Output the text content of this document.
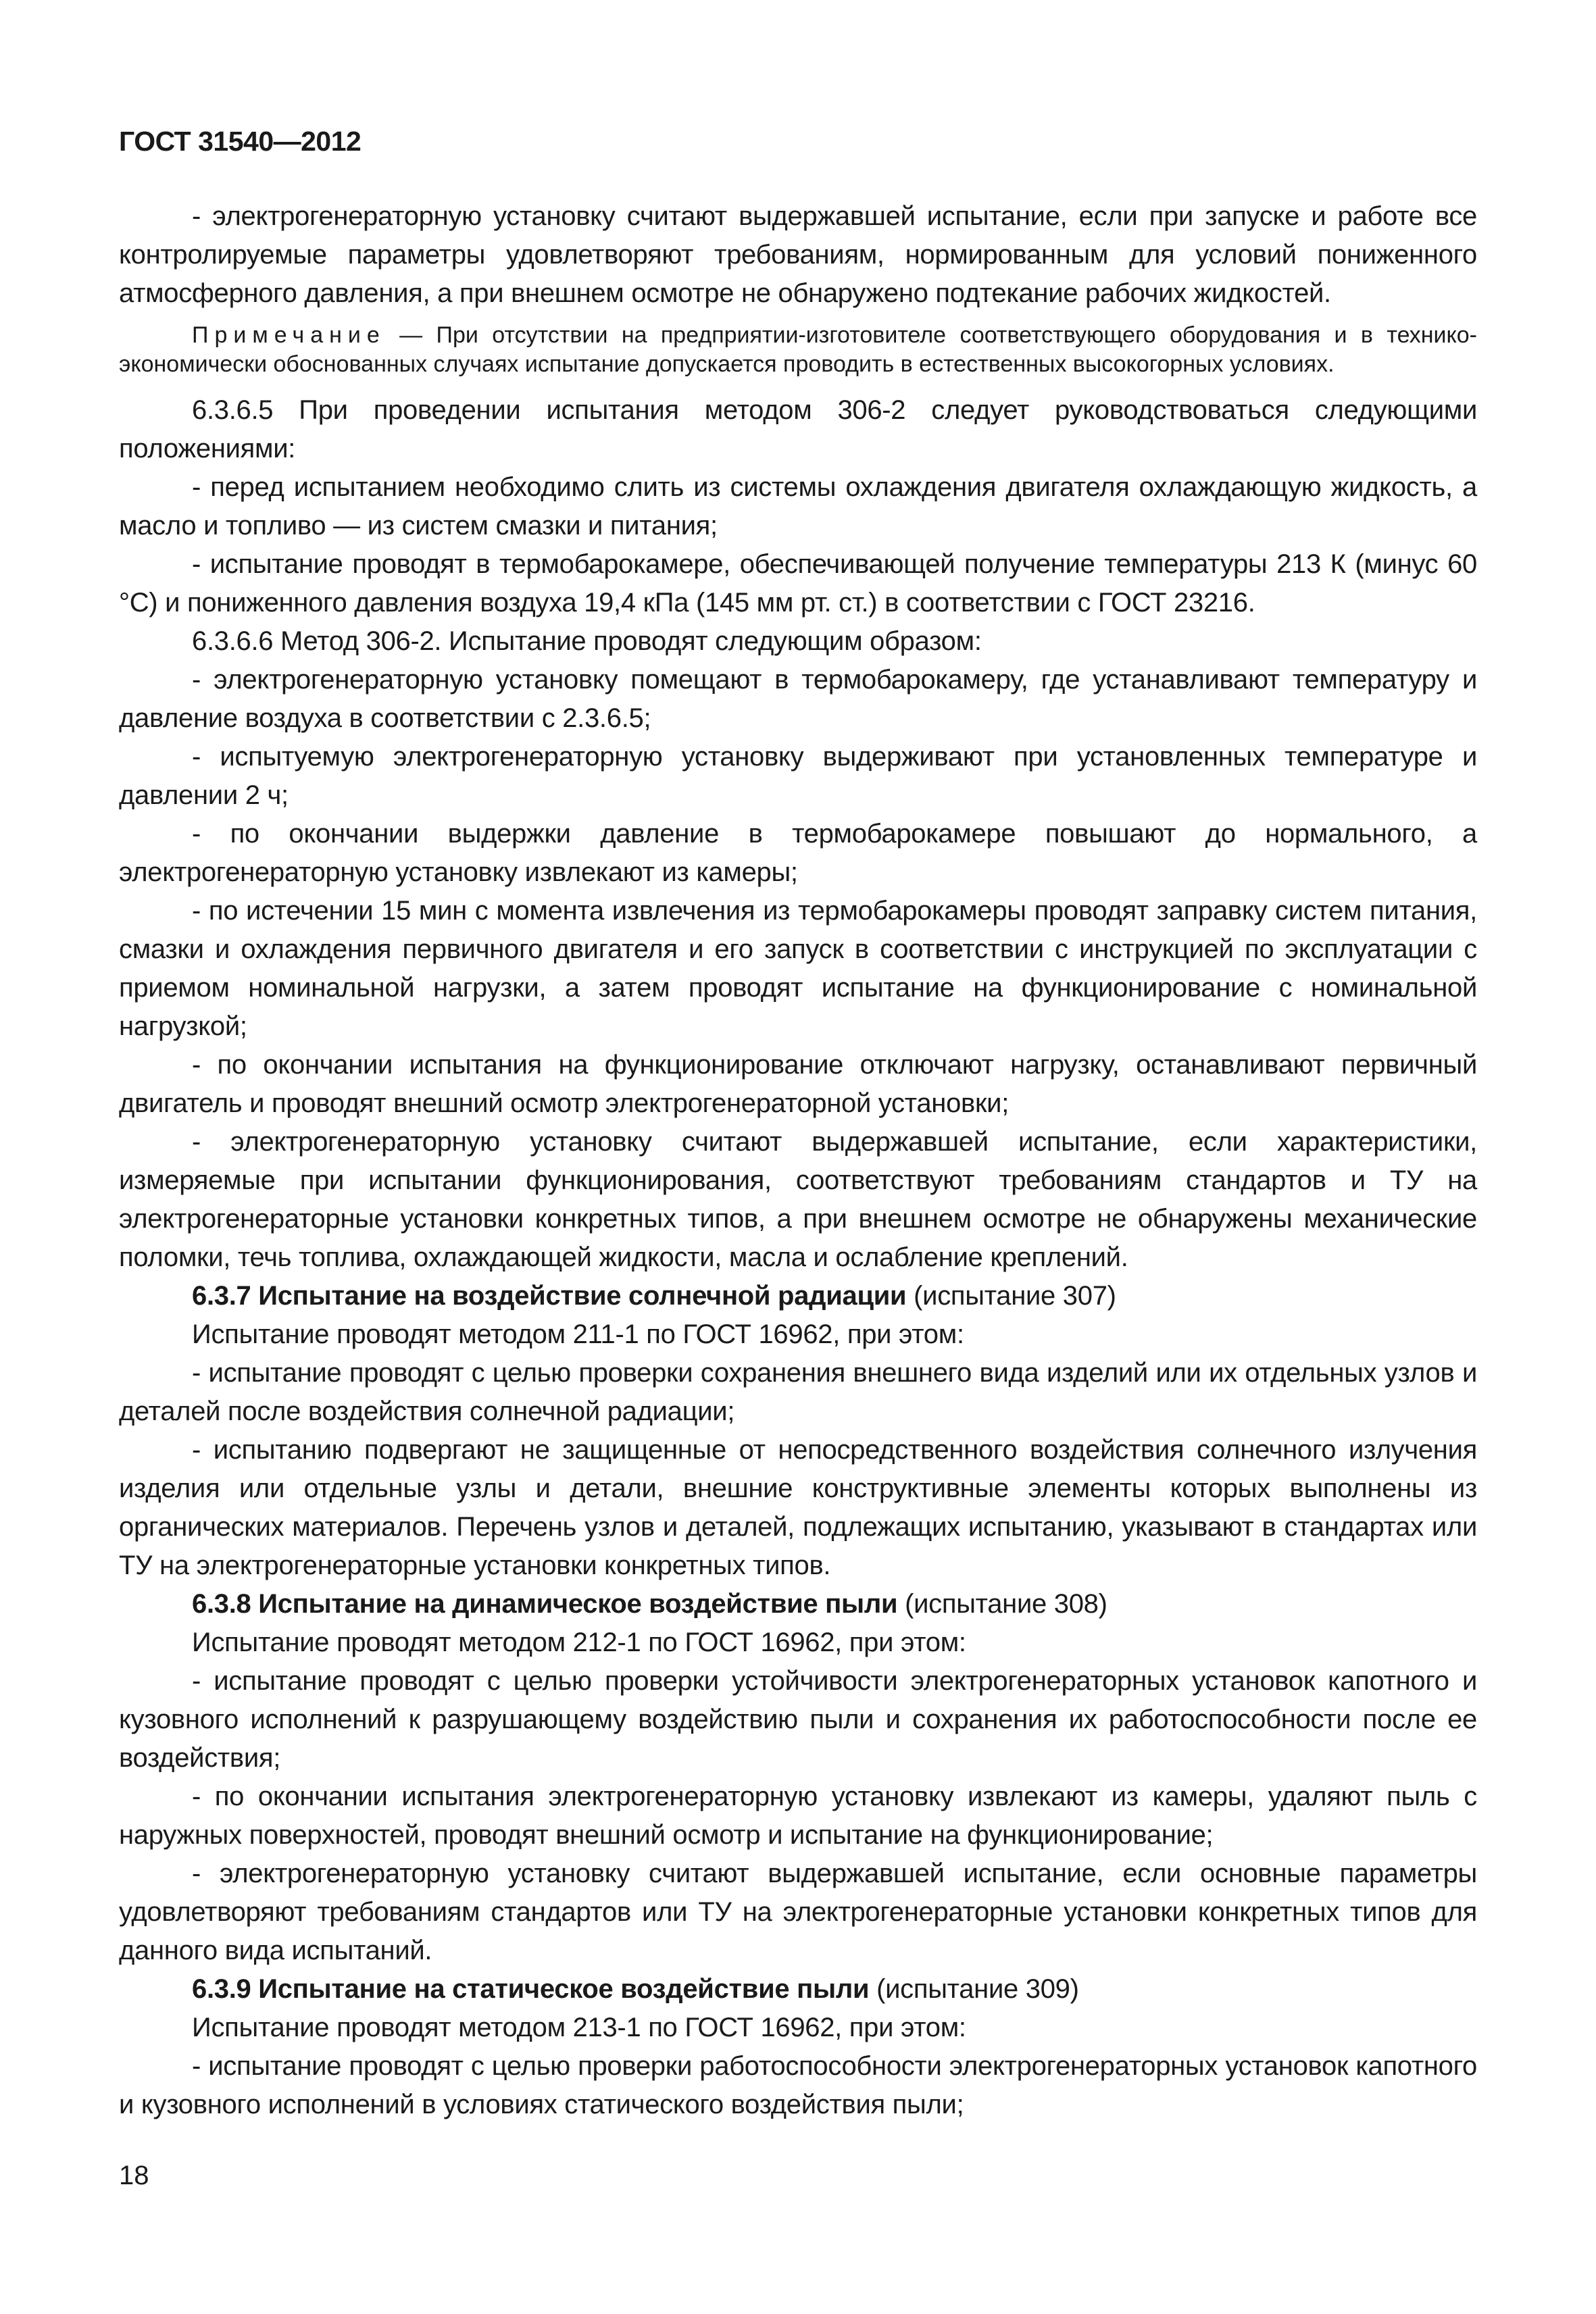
ГОСТ 31540—2012

- электрогенераторную установку считают выдержавшей испытание, если при запуске и работе все контролируемые параметры удовлетворяют требованиям, нормированным для условий пониженного атмосферного давления, а при внешнем осмотре не обнаружено подтекание рабочих жидкостей.

Примечание — При отсутствии на предприятии-изготовителе соответствующего оборудования и в технико-экономически обоснованных случаях испытание допускается проводить в естественных высокогорных условиях.

6.3.6.5 При проведении испытания методом 306-2 следует руководствоваться следующими положениями:

- перед испытанием необходимо слить из системы охлаждения двигателя охлаждающую жидкость, а масло и топливо — из систем смазки и питания;

- испытание проводят в термобарокамере, обеспечивающей получение температуры 213 К (минус 60 °С) и пониженного давления воздуха 19,4 кПа (145 мм рт. ст.) в соответствии с ГОСТ 23216.

6.3.6.6 Метод 306-2. Испытание проводят следующим образом:

- электрогенераторную установку помещают в термобарокамеру, где устанавливают температуру и давление воздуха в соответствии с 2.3.6.5;

- испытуемую электрогенераторную установку выдерживают при установленных температуре и давлении 2 ч;

- по окончании выдержки давление в термобарокамере повышают до нормального, а электрогенераторную установку извлекают из камеры;

- по истечении 15 мин с момента извлечения из термобарокамеры проводят заправку систем питания, смазки и охлаждения первичного двигателя и его запуск в соответствии с инструкцией по эксплуатации с приемом номинальной нагрузки, а затем проводят испытание на функционирование с номинальной нагрузкой;

- по окончании испытания на функционирование отключают нагрузку, останавливают первичный двигатель и проводят внешний осмотр электрогенераторной установки;

- электрогенераторную установку считают выдержавшей испытание, если характеристики, измеряемые при испытании функционирования, соответствуют требованиям стандартов и ТУ на электрогенераторные установки конкретных типов, а при внешнем осмотре не обнаружены механические поломки, течь топлива, охлаждающей жидкости, масла и ослабление креплений.

6.3.7 Испытание на воздействие солнечной радиации (испытание 307)

Испытание проводят методом 211-1 по ГОСТ 16962, при этом:

- испытание проводят с целью проверки сохранения внешнего вида изделий или их отдельных узлов и деталей после воздействия солнечной радиации;

- испытанию подвергают не защищенные от непосредственного воздействия солнечного излучения изделия или отдельные узлы и детали, внешние конструктивные элементы которых выполнены из органических материалов. Перечень узлов и деталей, подлежащих испытанию, указывают в стандартах или ТУ на электрогенераторные установки конкретных типов.

6.3.8 Испытание на динамическое воздействие пыли (испытание 308)

Испытание проводят методом 212-1 по ГОСТ 16962, при этом:

- испытание проводят с целью проверки устойчивости электрогенераторных установок капотного и кузовного исполнений к разрушающему воздействию пыли и сохранения их работоспособности после ее воздействия;

- по окончании испытания электрогенераторную установку извлекают из камеры, удаляют пыль с наружных поверхностей, проводят внешний осмотр и испытание на функционирование;

- электрогенераторную установку считают выдержавшей испытание, если основные параметры удовлетворяют требованиям стандартов или ТУ на электрогенераторные установки конкретных типов для данного вида испытаний.

6.3.9 Испытание на статическое воздействие пыли (испытание 309)

Испытание проводят методом 213-1 по ГОСТ 16962, при этом:

- испытание проводят с целью проверки работоспособности электрогенераторных установок капотного и кузовного исполнений в условиях статического воздействия пыли;

18
